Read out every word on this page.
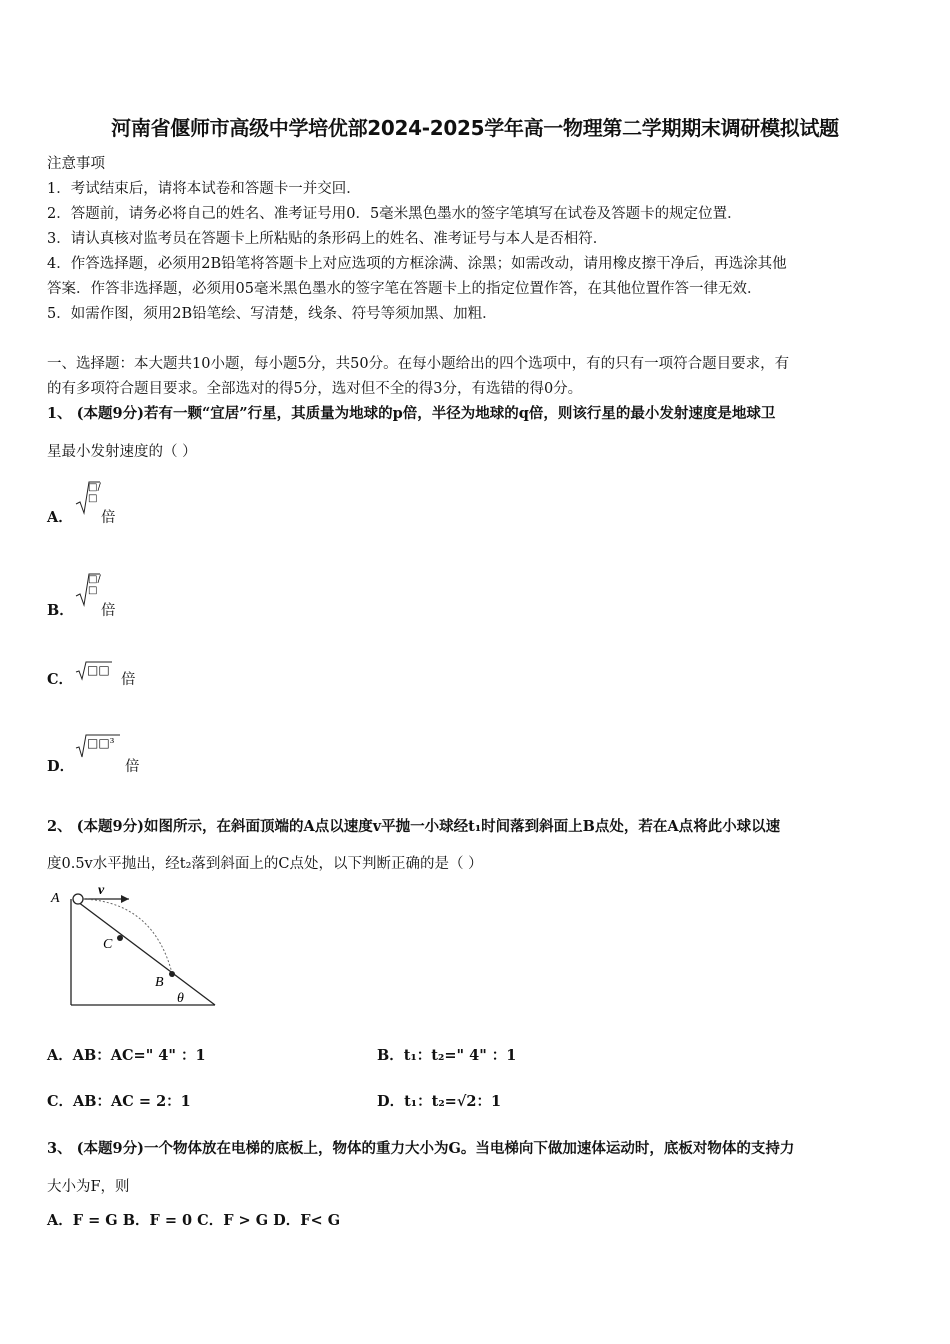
河南省偃师市高级中学培优部2024-2025学年高一物理第二学期期末调研模拟试题
注意事项
1．考试结束后，请将本试卷和答题卡一并交回．
2．答题前，请务必将自己的姓名、准考证号用0．5毫米黑色墨水的签字笔填写在试卷及答题卡的规定位置．
3．请认真核对监考员在答题卡上所粘贴的条形码上的姓名、准考证号与本人是否相符．
4．作答选择题，必须用2B铅笔将答题卡上对应选项的方框涂满、涂黑；如需改动，请用橡皮擦干净后，再选涂其他
答案．作答非选择题，必须用05毫米黑色墨水的签字笔在答题卡上的指定位置作答，在其他位置作答一律无效．
5．如需作图，须用2B铅笔绘、写清楚，线条、符号等须加黑、加粗．
一、选择题：本大题共10小题，每小题5分，共50分。在每小题给出的四个选项中，有的只有一项符合题目要求，有
的有多项符合题目要求。全部选对的得5分，选对但不全的得3分，有选错的得0分。
1、 (本题9分)若有一颗“宜居”行星，其质量为地球的p倍，半径为地球的q倍，则该行星的最小发射速度是地球卫
星最小发射速度的（ ）
A．
□/□
倍
B．
□/□
倍
C．
□□
倍
D．
□□³
倍
2、 (本题9分)如图所示，在斜面顶端的A点以速度v平抛一小球经t₁时间落到斜面上B点处，若在A点将此小球以速
度0.5v水平抛出，经t₂落到斜面上的C点处，以下判断正确的是（ ）
A
v
C
B
θ
A．AB：AC=" 4" ：1	B．t₁：t₂=" 4" ：1
C．AB：AC = 2：1	D．t₁：t₂=√2：1
3、 (本题9分)一个物体放在电梯的底板上，物体的重力大小为G。当电梯向下做加速体运动时，底板对物体的支持力
大小为F，则
A．F = G B．F = 0 C．F > G D．F< G
